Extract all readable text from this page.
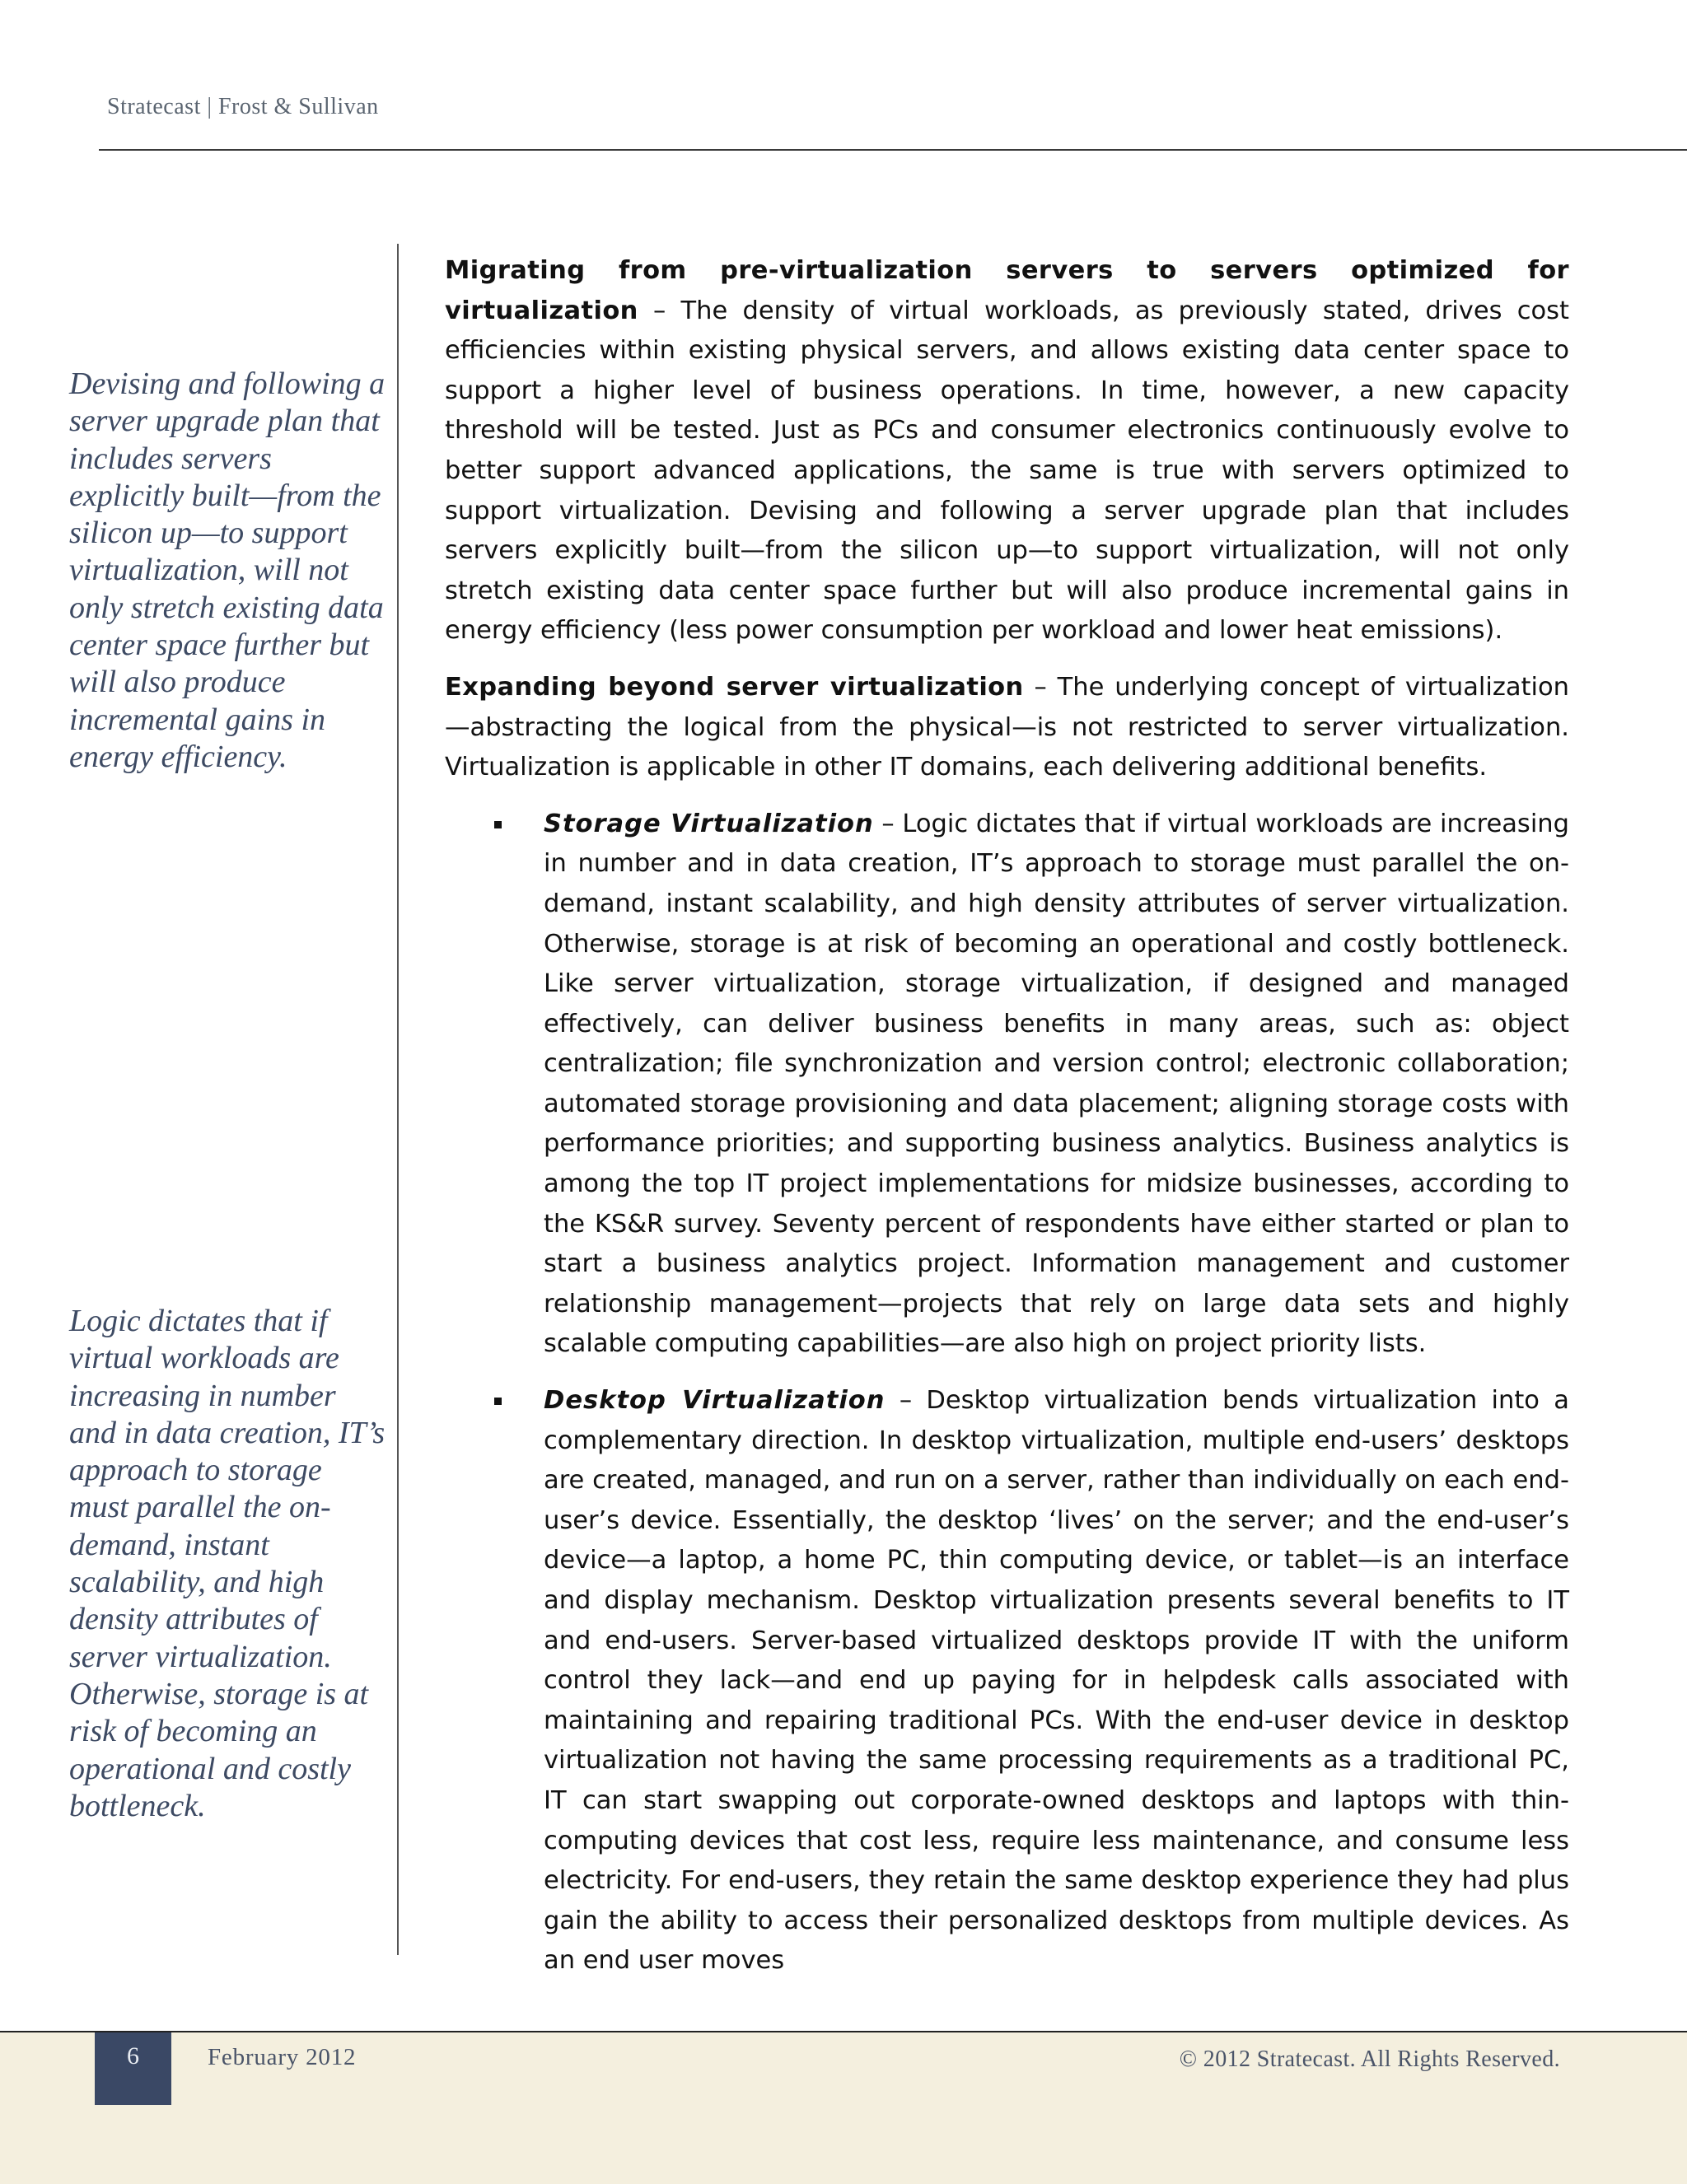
Stratecast | Frost & Sullivan
Devising and following a server upgrade plan that includes servers explicitly built—from the silicon up—to support virtualization, will not only stretch existing data center space further but will also produce incremental gains in energy efficiency.
Logic dictates that if virtual workloads are increasing in number and in data creation, IT’s approach to storage must parallel the on-demand, instant scalability, and high density attributes of server virtualization. Otherwise, storage is at risk of becoming an operational and costly bottleneck.

Migrating from pre-virtualization servers to servers optimized for virtualization – The density of virtual workloads, as previously stated, drives cost efficiencies within existing physical servers, and allows existing data center space to support a higher level of business operations. In time, however, a new capacity threshold will be tested. Just as PCs and consumer electronics continuously evolve to better support advanced applications, the same is true with servers optimized to support virtualization. Devising and following a server upgrade plan that includes servers explicitly built—from the silicon up—to support virtualization, will not only stretch existing data center space further but will also produce incremental gains in energy efficiency (less power consumption per workload and lower heat emissions).

Expanding beyond server virtualization – The underlying concept of virtualization—abstracting the logical from the physical—is not restricted to server virtualization. Virtualization is applicable in other IT domains, each delivering additional benefits.

Storage Virtualization – Logic dictates that if virtual workloads are increasing in number and in data creation, IT’s approach to storage must parallel the on-demand, instant scalability, and high density attributes of server virtualization. Otherwise, storage is at risk of becoming an operational and costly bottleneck. Like server virtualization, storage virtualization, if designed and managed effectively, can deliver business benefits in many areas, such as: object centralization; file synchronization and version control; electronic collaboration; automated storage provisioning and data placement; aligning storage costs with performance priorities; and supporting business analytics. Business analytics is among the top IT project implementations for midsize businesses, according to the KS&R survey. Seventy percent of respondents have either started or plan to start a business analytics project. Information management and customer relationship management—projects that rely on large data sets and highly scalable computing capabilities—are also high on project priority lists.
Desktop Virtualization – Desktop virtualization bends virtualization into a complementary direction. In desktop virtualization, multiple end-users’ desktops are created, managed, and run on a server, rather than individually on each end-user’s device. Essentially, the desktop ‘lives’ on the server; and the end-user’s device—a laptop, a home PC, thin computing device, or tablet—is an interface and display mechanism. Desktop virtualization presents several benefits to IT and end-users. Server-based virtualized desktops provide IT with the uniform control they lack—and end up paying for in helpdesk calls associated with maintaining and repairing traditional PCs. With the end-user device in desktop virtualization not having the same processing requirements as a traditional PC, IT can start swapping out corporate-owned desktops and laptops with thin-computing devices that cost less, require less maintenance, and consume less electricity. For end-users, they retain the same desktop experience they had plus gain the ability to access their personalized desktops from multiple devices. As an end user moves
6	February 2012	© 2012 Stratecast. All Rights Reserved.
